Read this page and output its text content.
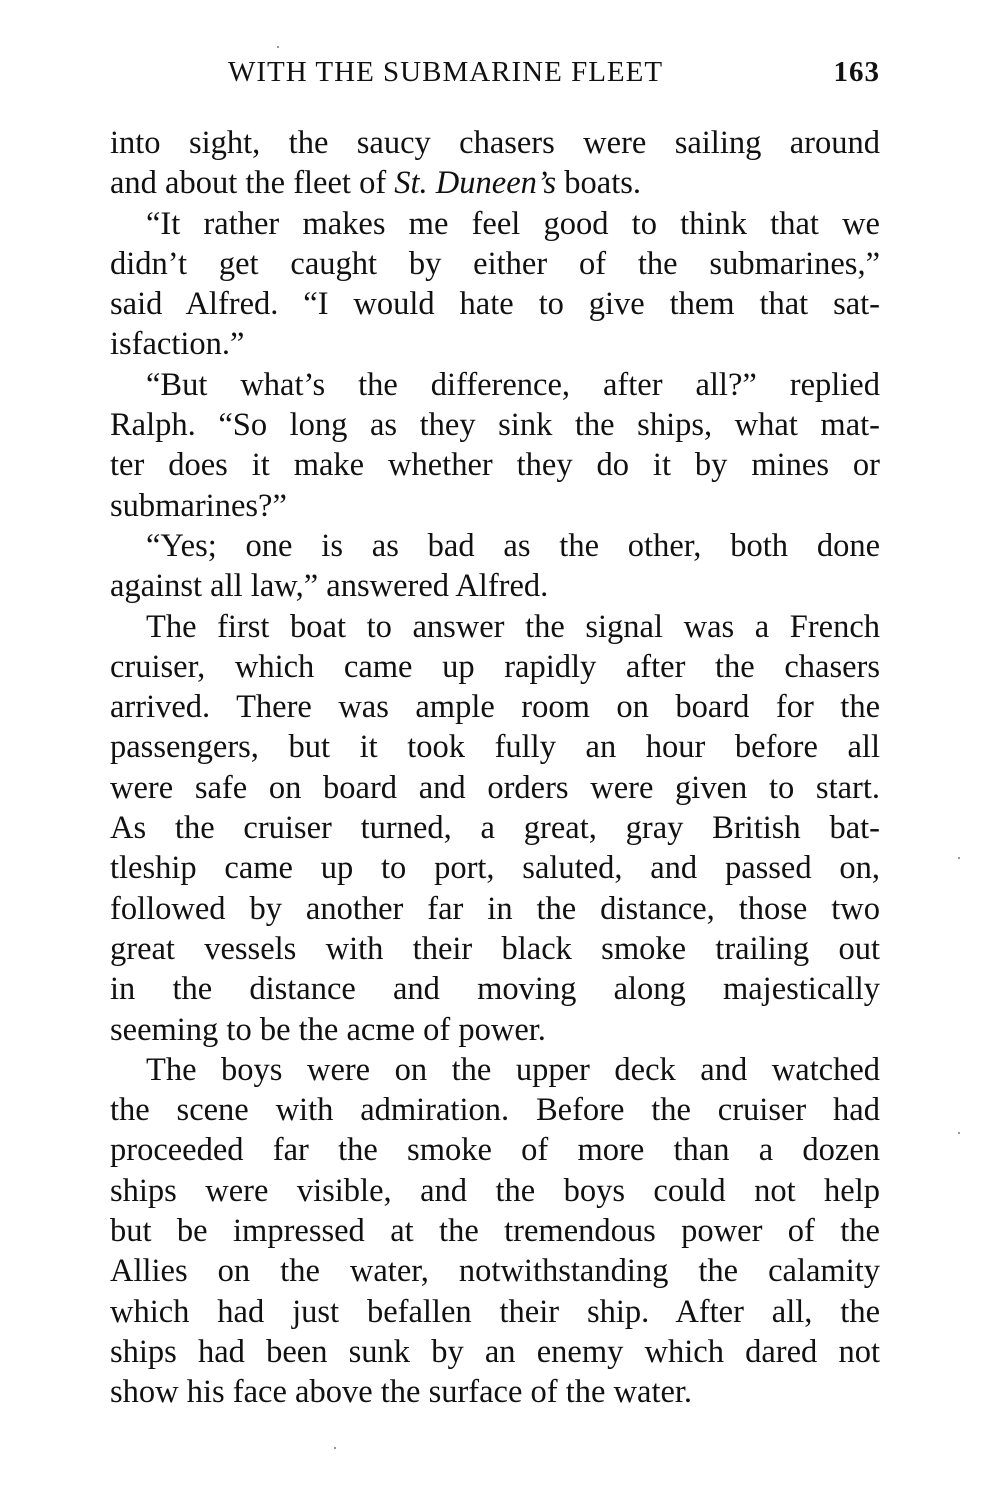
WITH THE SUBMARINE FLEET	163
into sight, the saucy chasers were sailing around
and about the fleet of St. Duneen’s boats.
“It rather makes me feel good to think that we
didn’t get caught by either of the submarines,”
said Alfred. “I would hate to give them that sat-
isfaction.”
“But what’s the difference, after all?” replied
Ralph. “So long as they sink the ships, what mat-
ter does it make whether they do it by mines or
submarines?”
“Yes; one is as bad as the other, both done
against all law,” answered Alfred.
The first boat to answer the signal was a French
cruiser, which came up rapidly after the chasers
arrived. There was ample room on board for the
passengers, but it took fully an hour before all
were safe on board and orders were given to start.
As the cruiser turned, a great, gray British bat-
tleship came up to port, saluted, and passed on,
followed by another far in the distance, those two
great vessels with their black smoke trailing out
in the distance and moving along majestically
seeming to be the acme of power.
The boys were on the upper deck and watched
the scene with admiration. Before the cruiser had
proceeded far the smoke of more than a dozen
ships were visible, and the boys could not help
but be impressed at the tremendous power of the
Allies on the water, notwithstanding the calamity
which had just befallen their ship. After all, the
ships had been sunk by an enemy which dared not
show his face above the surface of the water.
